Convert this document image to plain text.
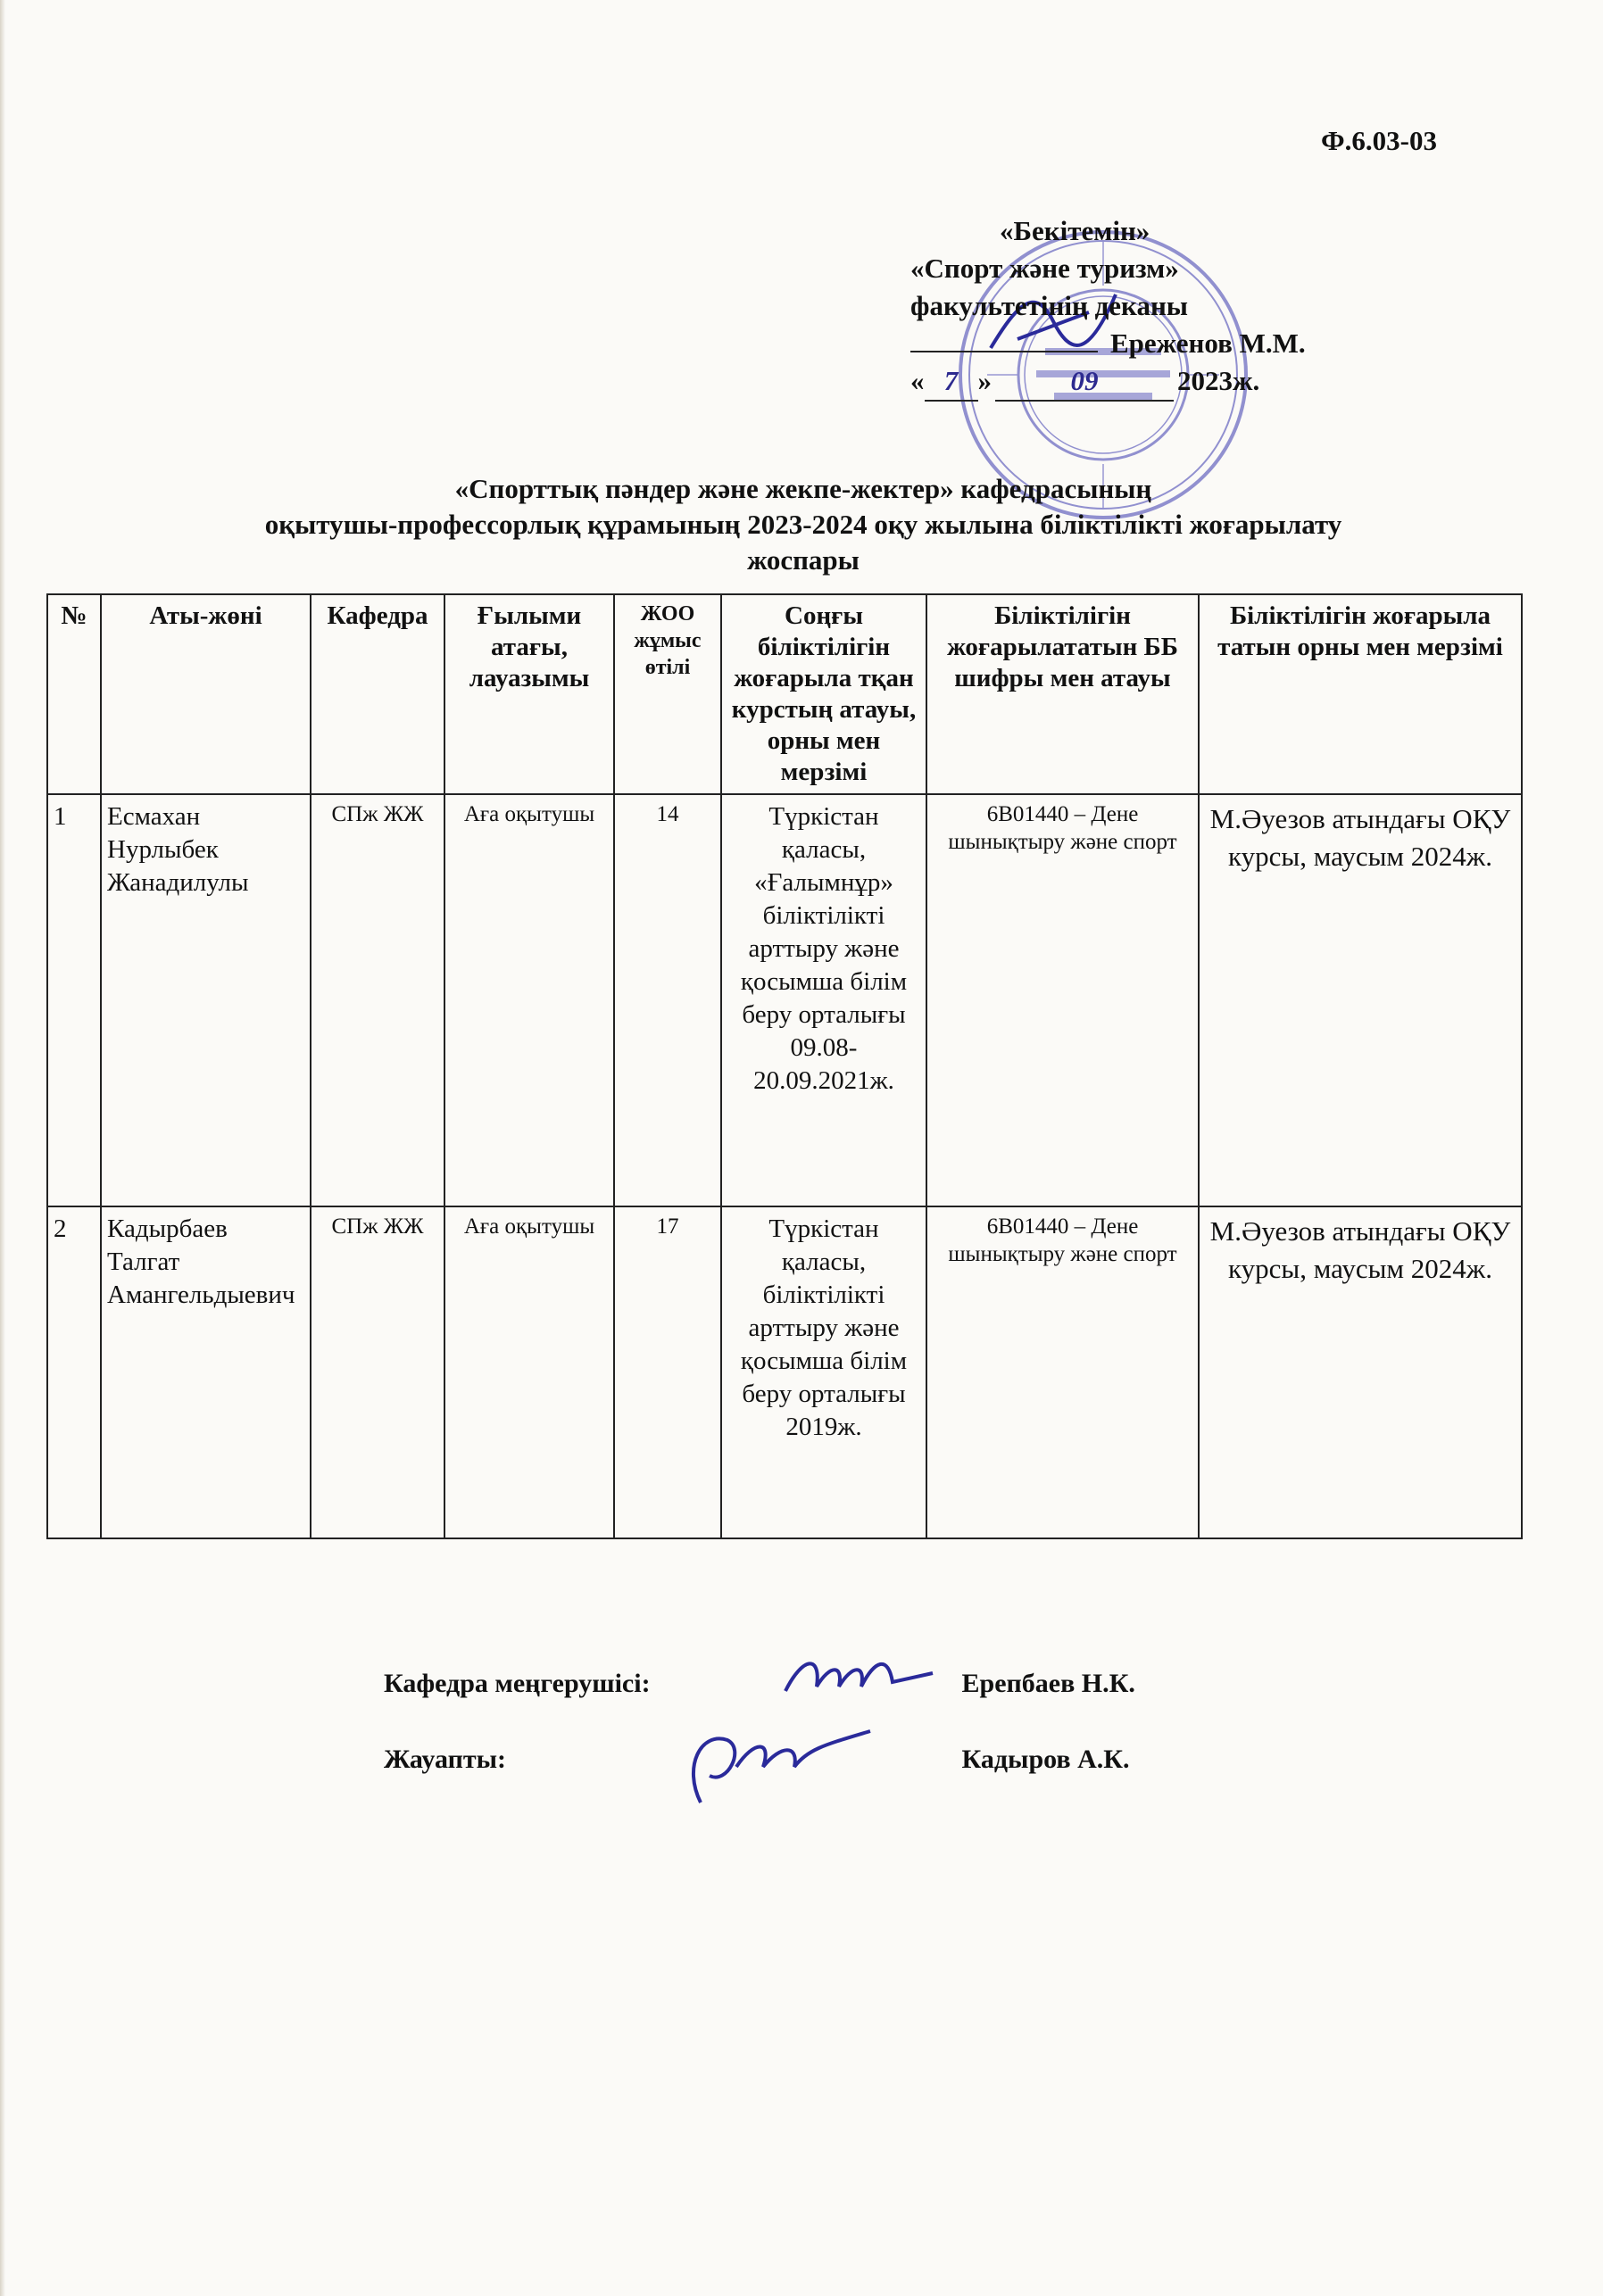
Ф.6.03-03
«Бекітемін»
«Спорт және туризм»
факультетінің деканы
Ереженов М.М.
« 7 »	09	2023ж.
«Спорттық пәндер және жекпе-жектер» кафедрасының
оқытушы-профессорлық құрамының 2023-2024 оқу жылына біліктілікті жоғарылату
жоспары
№	Аты-жөні	Кафедра	Ғылыми атағы, лауазымы	ЖОО жұмыс өтілі	Соңғы біліктілігін жоғарыла тқан курстың атауы, орны мен мерзімі	Біліктілігін жоғарылататын ББ шифры мен атауы	Біліктілігін жоғарыла татын орны мен мерзімі
1	Есмахан Нурлыбек Жанадилулы	СПж ЖЖ	Аға оқытушы	14	Түркістан қаласы, «Ғалымнұр» біліктілікті арттыру және қосымша білім беру орталығы 09.08-20.09.2021ж.	6В01440 – Дене шынықтыру және спорт	М.Әуезов атындағы ОҚУ курсы, маусым 2024ж.
2	Кадырбаев Талгат Амангельдыевич	СПж ЖЖ	Аға оқытушы	17	Түркістан қаласы, біліктілікті арттыру және қосымша білім беру орталығы 2019ж.	6В01440 – Дене шынықтыру және спорт	М.Әуезов атындағы ОҚУ курсы, маусым 2024ж.
Кафедра меңгерушісі:	Ерепбаев Н.К.
Жауапты:	Кадыров А.К.
